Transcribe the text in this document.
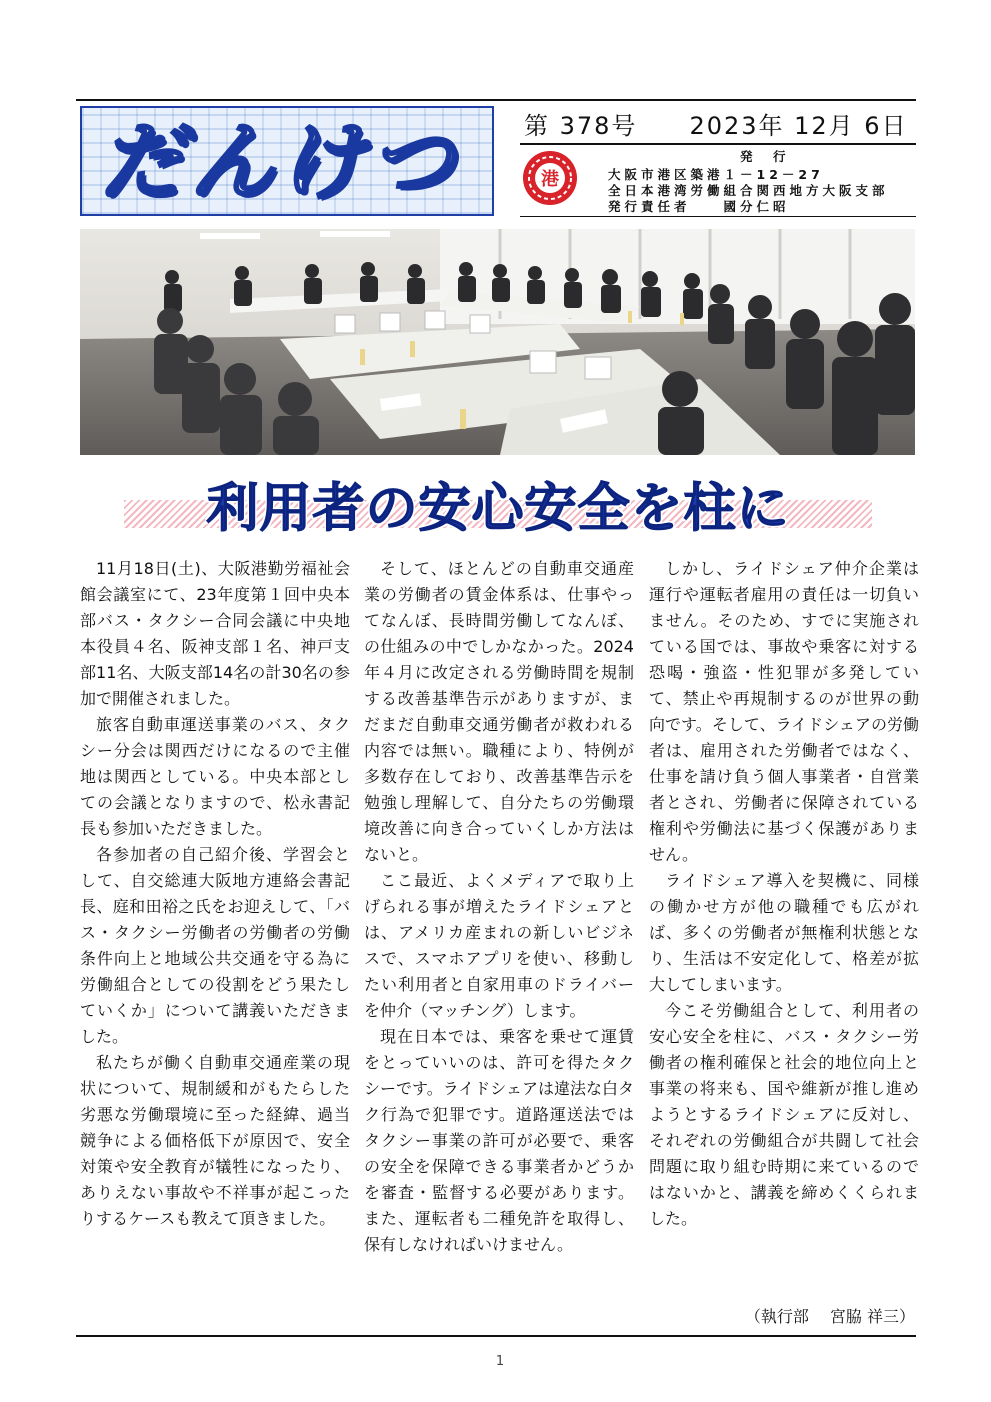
だんけつ	第 378号　　 2023年 12月 6日
港
発　行
大阪市港区築港１－12－27
全日本港湾労働組合関西地方大阪支部
発行責任者　　國分仁昭
利用者の安心安全を柱に

11月18日(土)、大阪港勤労福祉会館会議室にて、23年度第１回中央本部バス・タクシー合同会議に中央地本役員４名、阪神支部１名、神戸支部11名、大阪支部14名の計30名の参加で開催されました。

旅客自動車運送事業のバス、タクシー分会は関西だけになるので主催地は関西としている。中央本部としての会議となりますので、松永書記長も参加いただきました。

各参加者の自己紹介後、学習会として、自交総連大阪地方連絡会書記長、庭和田裕之氏をお迎えして、「バス・タクシー労働者の労働者の労働条件向上と地域公共交通を守る為に労働組合としての役割をどう果たしていくか」について講義いただきました。

私たちが働く自動車交通産業の現状について、規制緩和がもたらした劣悪な労働環境に至った経緯、過当競争による価格低下が原因で、安全対策や安全教育が犠牲になったり、ありえない事故や不祥事が起こったりするケースも教えて頂きました。

そして、ほとんどの自動車交通産業の労働者の賃金体系は、仕事やってなんぼ、長時間労働してなんぼ、の仕組みの中でしかなかった。2024年４月に改定される労働時間を規制する改善基準告示がありますが、まだまだ自動車交通労働者が救われる内容では無い。職種により、特例が多数存在しており、改善基準告示を勉強し理解して、自分たちの労働環境改善に向き合っていくしか方法はないと。

ここ最近、よくメディアで取り上げられる事が増えたライドシェアとは、アメリカ産まれの新しいビジネスで、スマホアプリを使い、移動したい利用者と自家用車のドライバーを仲介（マッチング）します。

現在日本では、乗客を乗せて運賃をとっていいのは、許可を得たタクシーです。ライドシェアは違法な白タク行為で犯罪です。道路運送法ではタクシー事業の許可が必要で、乗客の安全を保障できる事業者かどうかを審査・監督する必要があります。また、運転者も二種免許を取得し、保有しなければいけません。

しかし、ライドシェア仲介企業は運行や運転者雇用の責任は一切負いません。そのため、すでに実施されている国では、事故や乗客に対する恐喝・強盗・性犯罪が多発していて、禁止や再規制するのが世界の動向です。そして、ライドシェアの労働者は、雇用された労働者ではなく、仕事を請け負う個人事業者・自営業者とされ、労働者に保障されている権利や労働法に基づく保護がありません。

ライドシェア導入を契機に、同様の働かせ方が他の職種でも広がれば、多くの労働者が無権利状態となり、生活は不安定化して、格差が拡大してしまいます。

今こそ労働組合として、利用者の安心安全を柱に、バス・タクシー労働者の権利確保と社会的地位向上と事業の将来も、国や維新が推し進めようとするライドシェアに反対し、それぞれの労働組合が共闘して社会問題に取り組む時期に来ているのではないかと、講義を締めくくられました。

（執行部　 宮脇 祥三）
1
